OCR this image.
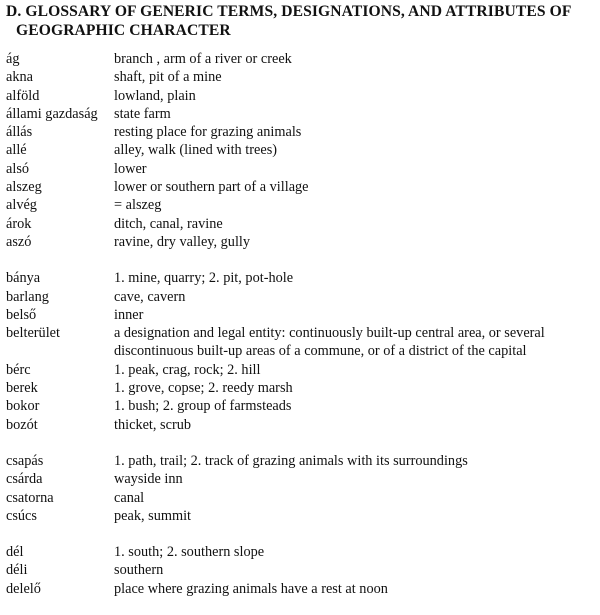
D. GLOSSARY OF GENERIC TERMS, DESIGNATIONS, AND ATTRIBUTES OF
GEOGRAPHIC CHARACTER
ág	branch , arm of a river or creek
akna	shaft, pit of a mine
alföld	lowland, plain
állami gazdaság	state farm
állás	resting place for grazing animals
allé	alley, walk (lined with trees)
alsó	lower
alszeg	lower or southern part of a village
alvég	= alszeg
árok	ditch, canal, ravine
aszó	ravine, dry valley, gully
bánya	1. mine, quarry; 2. pit, pot-hole
barlang	cave, cavern
belső	inner
belterület	a designation and legal entity: continuously built-up central area, or several discontinuous built-up areas of a commune, or of a district of the capital
bérc	1. peak, crag, rock; 2. hill
berek	1. grove, copse; 2. reedy marsh
bokor	1. bush; 2. group of farmsteads
bozót	thicket, scrub
csapás	1. path, trail; 2. track of grazing animals with its surroundings
csárda	wayside inn
csatorna	canal
csúcs	peak, summit
dél	1. south; 2. southern slope
déli	southern
delelő	place where grazing animals have a rest at noon
